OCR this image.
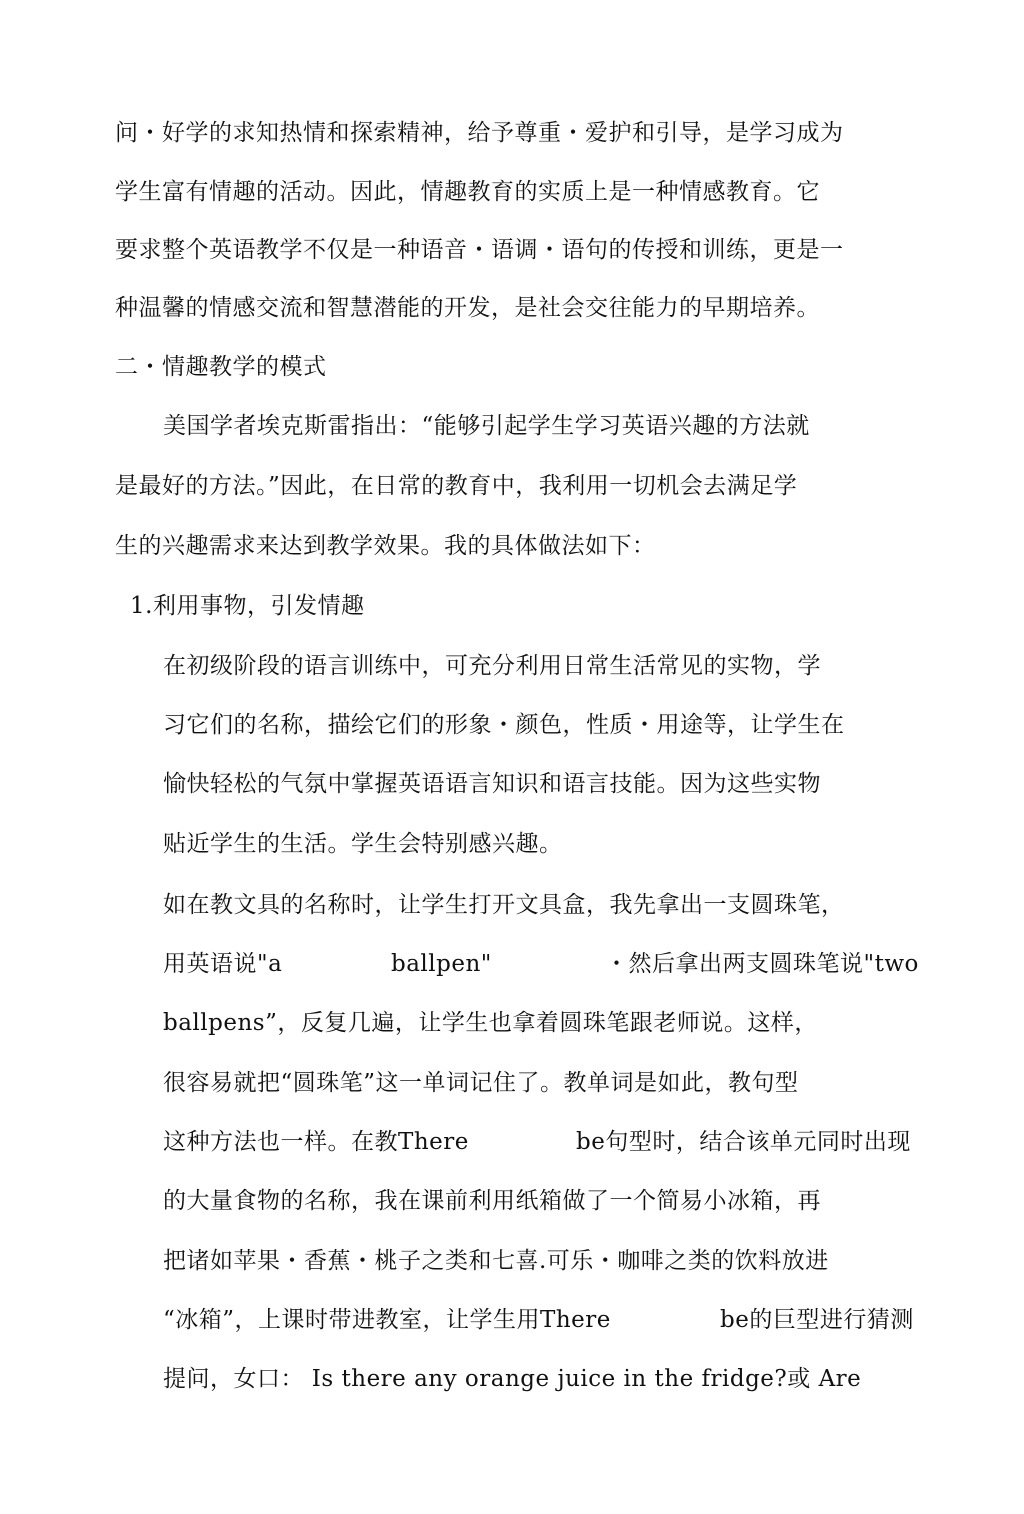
问・好学的求知热情和探索精神，给予尊重・爱护和引导，是学习成为
学生富有情趣的活动。因此，情趣教育的实质上是一种情感教育。它
要求整个英语教学不仅是一种语音・语调・语句的传授和训练，更是一
种温馨的情感交流和智慧潜能的开发，是社会交往能力的早期培养。
二・情趣教学的模式
美国学者埃克斯雷指出：“能够引起学生学习英语兴趣的方法就
是最好的方法。”因此，在日常的教育中，我利用一切机会去满足学
生的兴趣需求来达到教学效果。我的具体做法如下：
1.利用事物，引发情趣
在初级阶段的语言训练中，可充分利用日常生活常见的实物，学
习它们的名称，描绘它们的形象・颜色，性质・用途等，让学生在
愉快轻松的气氛中掌握英语语言知识和语言技能。因为这些实物
贴近学生的生活。学生会特别感兴趣。
如在教文具的名称时，让学生打开文具盒，我先拿出一支圆珠笔，

用英语说"a

	ballpen"

	・然后拿出两支圆珠笔说"two

ballpens”，反复几遍，让学生也拿着圆珠笔跟老师说。这样，
很容易就把“圆珠笔”这一单词记住了。教单词是如此，教句型

这种方法也一样。在教There

	be句型时，结合该单元同时出现

的大量食物的名称，我在课前利用纸箱做了一个简易小冰箱，再
把诸如苹果・香蕉・桃子之类和七喜.可乐・咖啡之类的饮料放进

“冰箱”，上课时带进教室，让学生用There

	be的巨型进行猜测

提问，女口： Is there any orange juice in the fridge?或 Are
